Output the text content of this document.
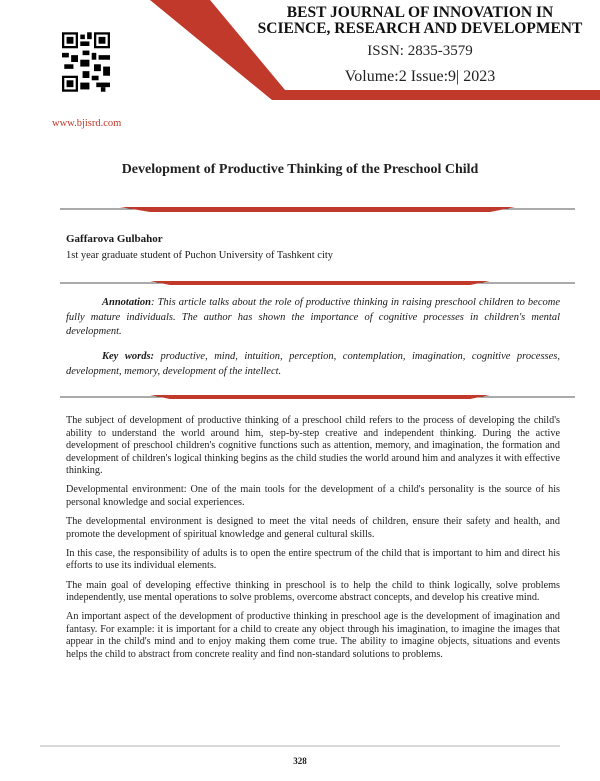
BEST JOURNAL OF INNOVATION IN SCIENCE, RESEARCH AND DEVELOPMENT
ISSN: 2835-3579
Volume:2 Issue:9| 2023
www.bjisrd.com
Development of Productive Thinking of the Preschool Child
Gaffarova Gulbahor
1st year graduate student of Puchon University of Tashkent city
Annotation: This article talks about the role of productive thinking in raising preschool children to become fully mature individuals. The author has shown the importance of cognitive processes in children's mental development.
Key words: productive, mind, intuition, perception, contemplation, imagination, cognitive processes, development, memory, development of the intellect.

The subject of development of productive thinking of a preschool child refers to the process of developing the child's ability to understand the world around him, step-by-step creative and independent thinking. During the active development of preschool children's cognitive functions such as attention, memory, and imagination, the formation and development of children's logical thinking begins as the child studies the world around him and analyzes it with effective thinking.

Developmental environment: One of the main tools for the development of a child's personality is the source of his personal knowledge and social experiences.

The developmental environment is designed to meet the vital needs of children, ensure their safety and health, and promote the development of spiritual knowledge and general cultural skills.

In this case, the responsibility of adults is to open the entire spectrum of the child that is important to him and direct his efforts to use its individual elements.

The main goal of developing effective thinking in preschool is to help the child to think logically, solve problems independently, use mental operations to solve problems, overcome abstract concepts, and develop his creative mind.

An important aspect of the development of productive thinking in preschool age is the development of imagination and fantasy. For example: it is important for a child to create any object through his imagination, to imagine the images that appear in the child's mind and to enjoy making them come true. The ability to imagine objects, situations and events helps the child to abstract from concrete reality and find non-standard solutions to problems.

328
